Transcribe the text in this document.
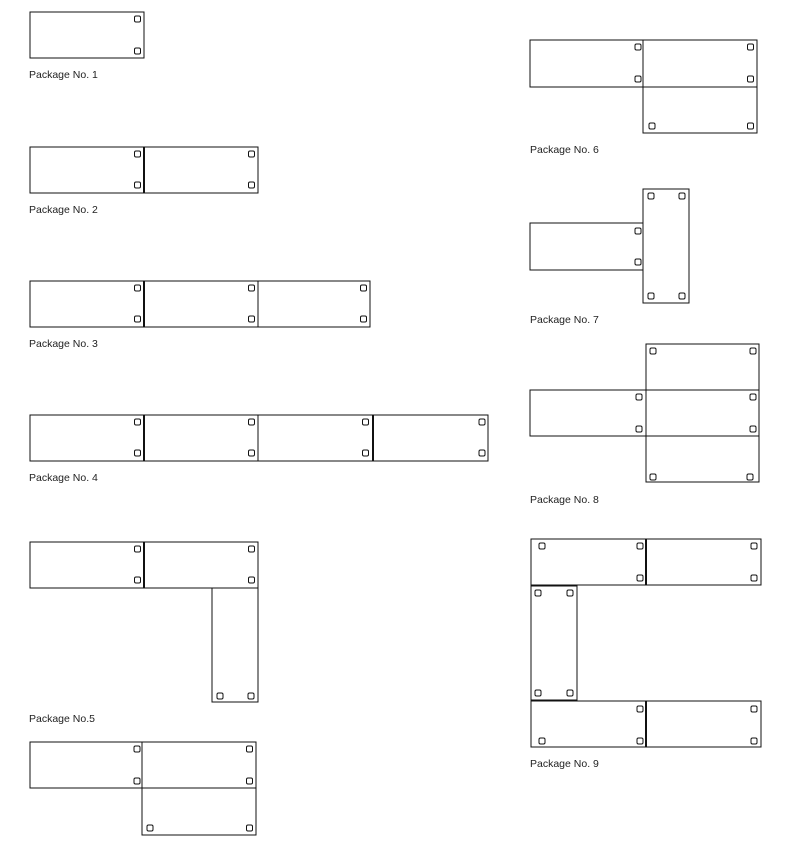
Package No. 1
Package No. 2
Package No. 3
Package No. 4
Package No.5
Package No. 6
Package No. 7
Package No. 8
Package No. 9
